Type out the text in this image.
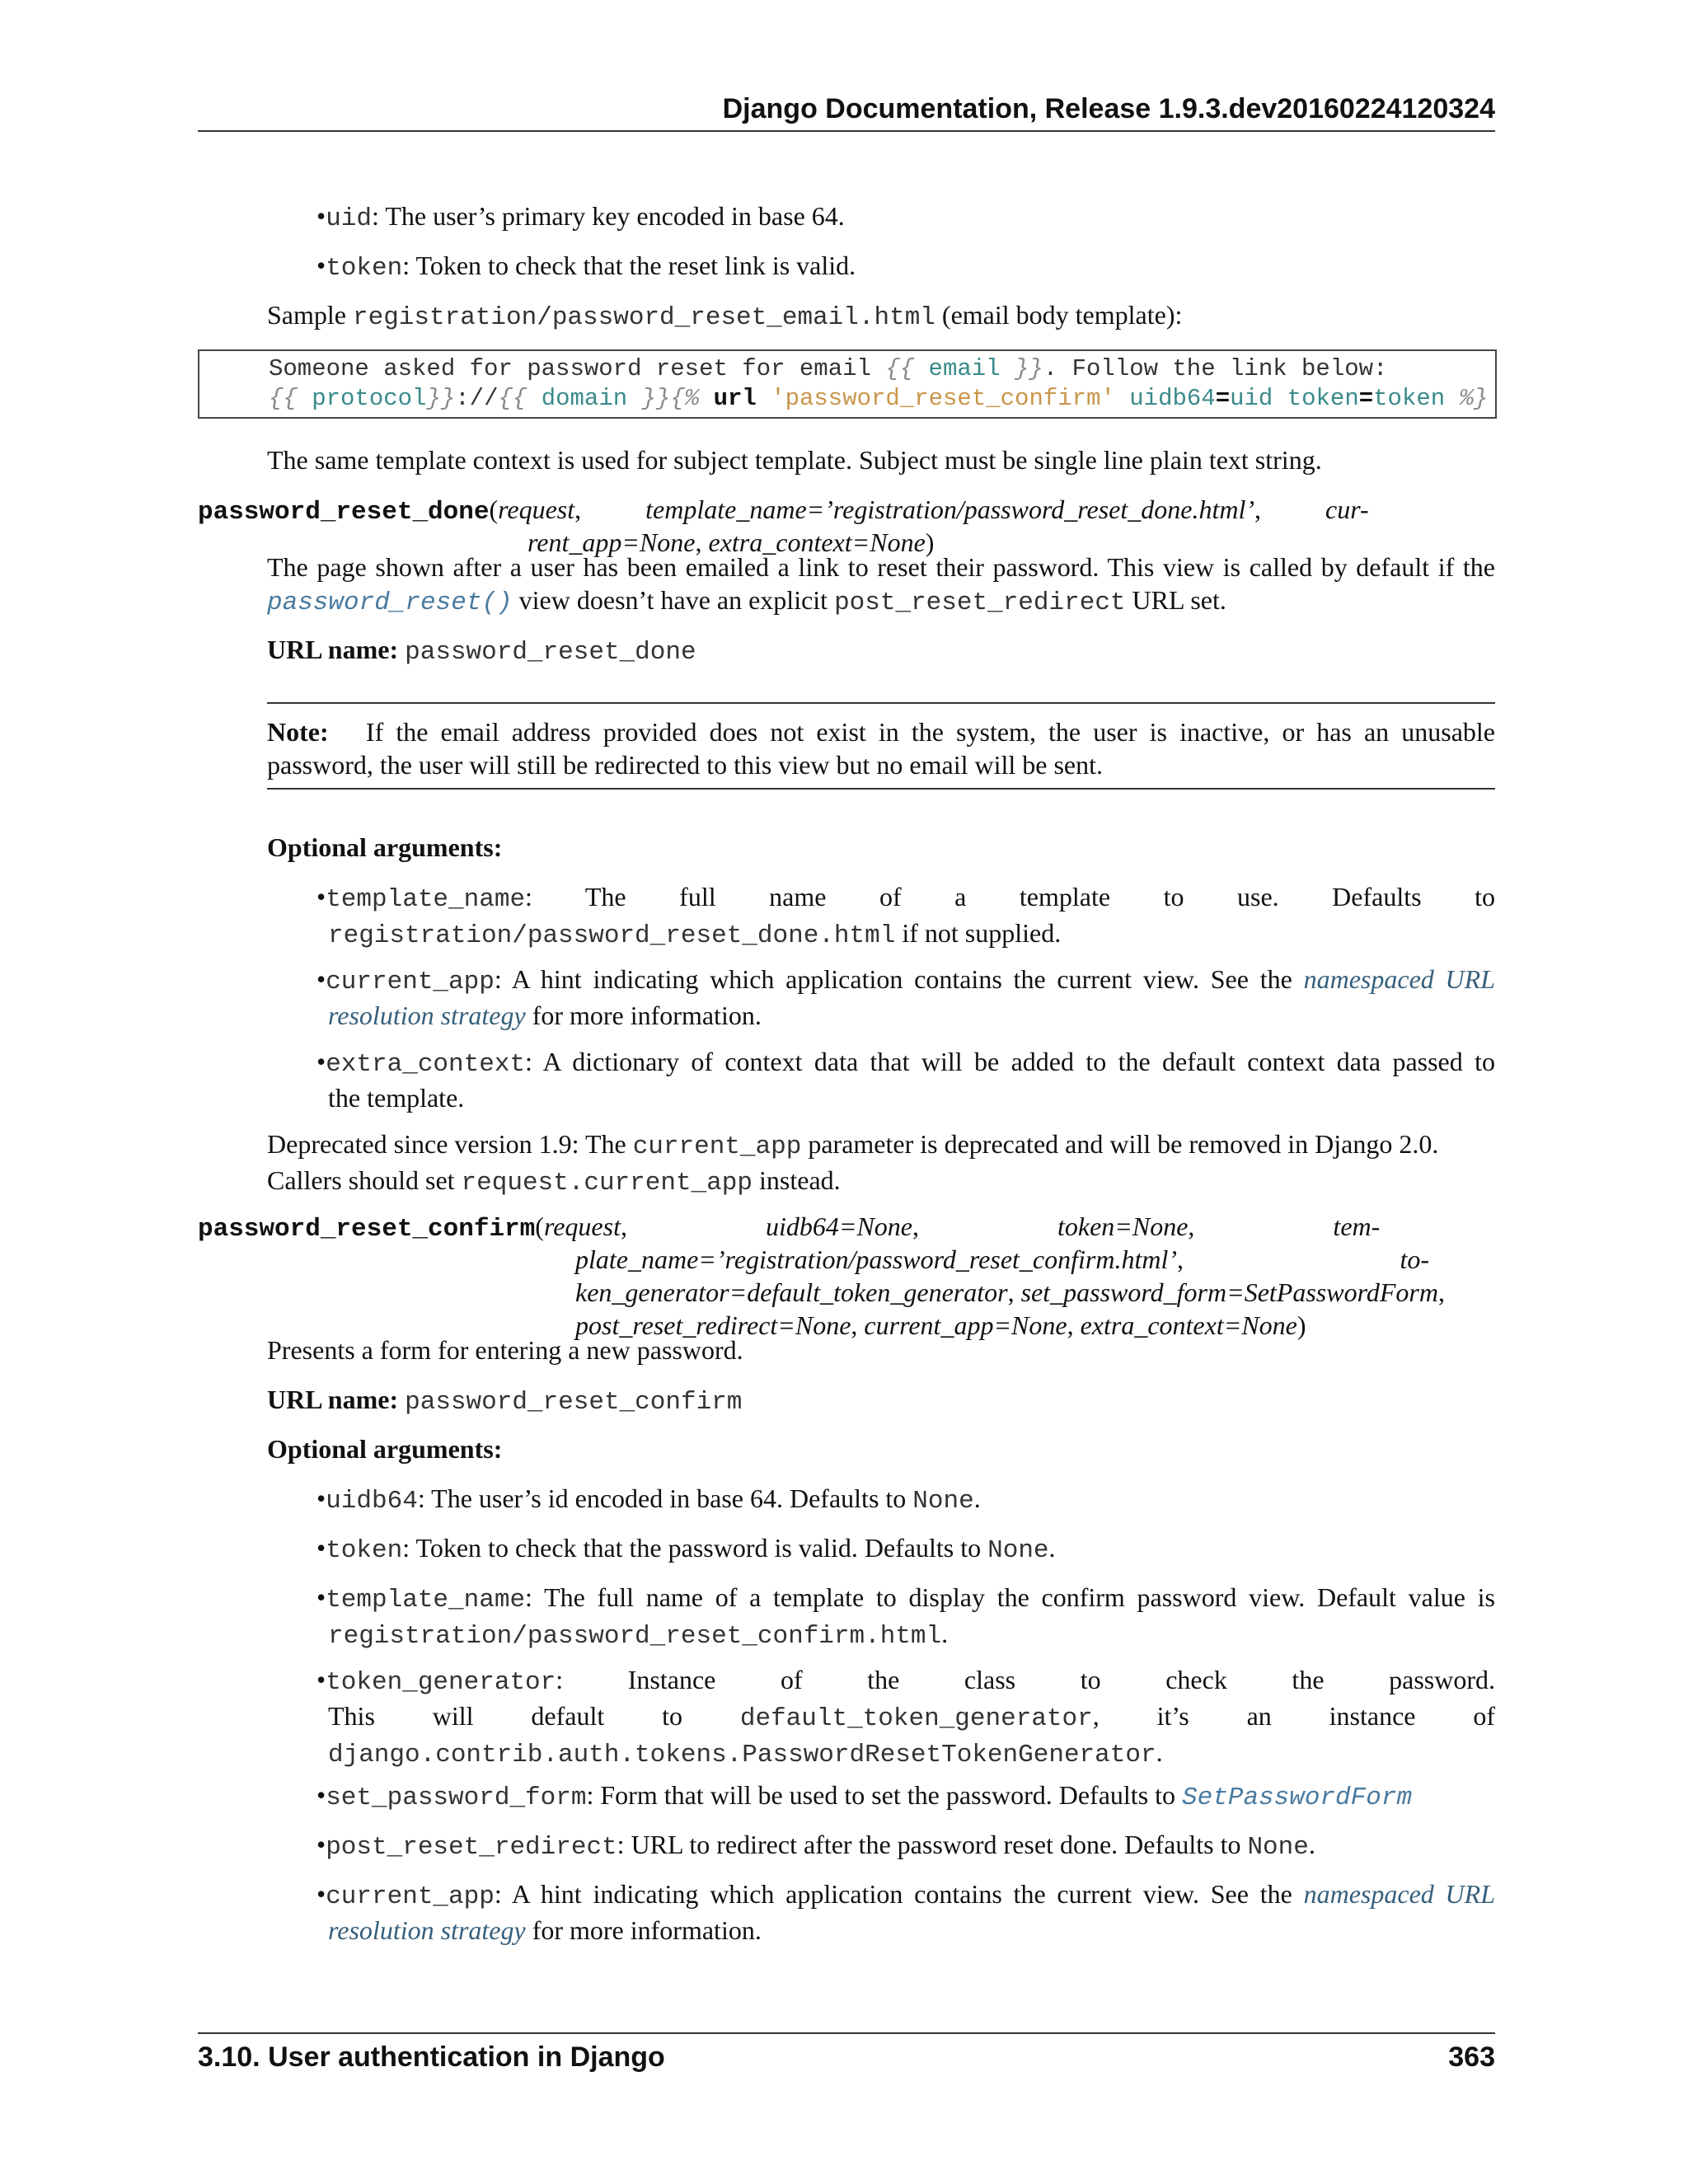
Django Documentation, Release 1.9.3.dev20160224120324
• uid: The user’s primary key encoded in base 64.
• token: Token to check that the reset link is valid.
Sample registration/password_reset_email.html (email body template):
Someone asked for password reset for email {{ email }}. Follow the link below:
{{ protocol}}://{{ domain }}{% url 'password_reset_confirm' uidb64=uid token=token %}
The same template context is used for subject template. Subject must be single line plain text string.
password_reset_done(request, template_name=’registration/password_reset_done.html’, cur-
rent_app=None, extra_context=None)
The page shown after a user has been emailed a link to reset their password. This view is called by default if the
password_reset() view doesn’t have an explicit post_reset_redirect URL set.
URL name: password_reset_done
Note: If the email address provided does not exist in the system, the user is inactive, or has an unusable
password, the user will still be redirected to this view but no email will be sent.
Optional arguments:
• template_name: The full name of a template to use. Defaults to
registration/password_reset_done.html if not supplied.
• current_app: A hint indicating which application contains the current view. See the namespaced URL
resolution strategy for more information.
• extra_context: A dictionary of context data that will be added to the default context data passed to
the template.
Deprecated since version 1.9: The current_app parameter is deprecated and will be removed in Django 2.0.
Callers should set request.current_app instead.
password_reset_confirm(request,	uidb64=None,	token=None,	tem-
plate_name=’registration/password_reset_confirm.html’,	to-
ken_generator=default_token_generator, set_password_form=SetPasswordForm,
post_reset_redirect=None, current_app=None, extra_context=None)
Presents a form for entering a new password.
URL name: password_reset_confirm
Optional arguments:
• uidb64: The user’s id encoded in base 64. Defaults to None.
• token: Token to check that the password is valid. Defaults to None.
• template_name: The full name of a template to display the confirm password view. Default value is
registration/password_reset_confirm.html.
• token_generator: Instance of the class to check the password.
This will default to default_token_generator, it’s an instance of
django.contrib.auth.tokens.PasswordResetTokenGenerator.
• set_password_form: Form that will be used to set the password. Defaults to SetPasswordForm
• post_reset_redirect: URL to redirect after the password reset done. Defaults to None.
• current_app: A hint indicating which application contains the current view. See the namespaced URL
resolution strategy for more information.
3.10. User authentication in Django	363
